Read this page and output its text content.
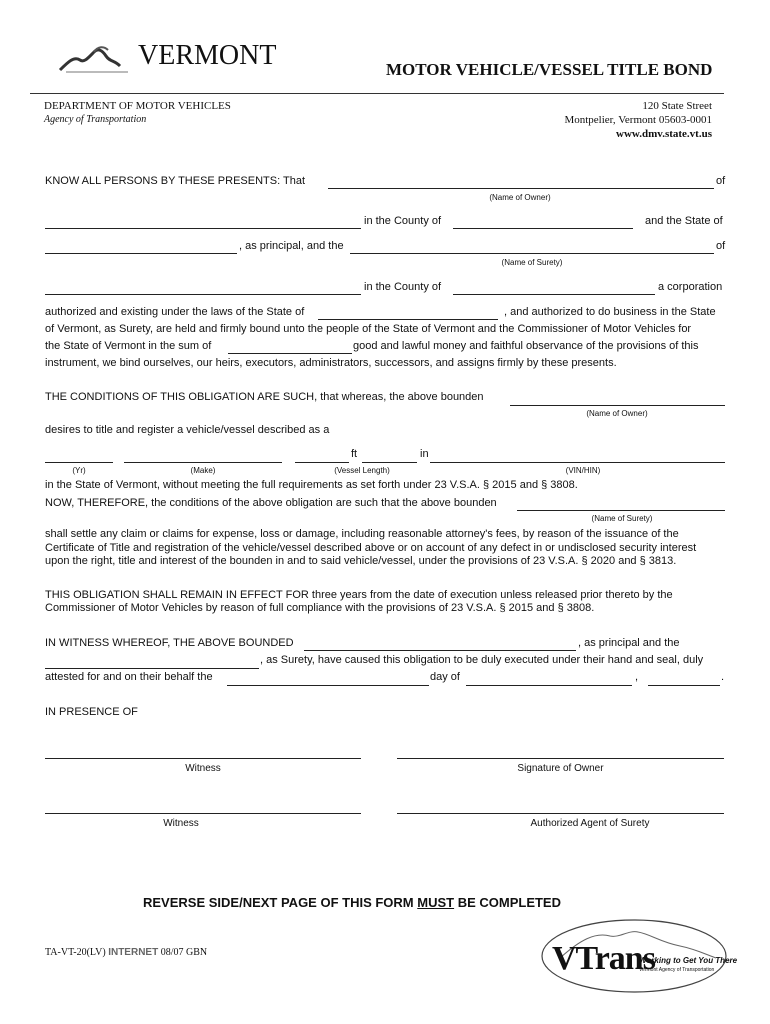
VERMONT	MOTOR VEHICLE/VESSEL TITLE BOND
DEPARTMENT OF MOTOR VEHICLES
Agency of Transportation
120 State Street
Montpelier, Vermont 05603-0001
www.dmv.state.vt.us
KNOW ALL PERSONS BY THESE PRESENTS: That	of
(Name of Owner)
in the County of	and the State of
, as principal, and the	of
(Name of Surety)
in the County of	a corporation
authorized and existing under the laws of the State of	, and authorized to do business in the State
of Vermont, as Surety, are held and firmly bound unto the people of the State of Vermont and the Commissioner of Motor Vehicles for
the State of Vermont in the sum of	good and lawful money and faithful observance of the provisions of this
instrument, we bind ourselves, our heirs, executors, administrators, successors, and assigns firmly by these presents.
THE CONDITIONS OF THIS OBLIGATION ARE SUCH, that whereas, the above bounden
(Name of Owner)
desires to title and register a vehicle/vessel described as a
ft	in
(Yr)	(Make)	(Vessel Length)	(VIN/HIN)
in the State of Vermont, without meeting the full requirements as set forth under 23 V.S.A. § 2015 and § 3808.
NOW, THEREFORE, the conditions of the above obligation are such that the above bounden
(Name of Surety)
shall settle any claim or claims for expense, loss or damage, including reasonable attorney's fees, by reason of the issuance of the
Certificate of Title and registration of the vehicle/vessel described above or on account of any defect in or undisclosed security interest
upon the right, title and interest of the bounden in and to said vehicle/vessel, under the provisions of 23 V.S.A. § 2020 and § 3813.
THIS OBLIGATION SHALL REMAIN IN EFFECT FOR three years from the date of execution unless released prior thereto by the
Commissioner of Motor Vehicles by reason of full compliance with the provisions of 23 V.S.A. § 2015 and § 3808.
IN WITNESS WHEREOF, THE ABOVE BOUNDED	, as principal and the
, as Surety, have caused this obligation to be duly executed under their hand and seal, duly
attested for and on their behalf the	day of	,	.
IN PRESENCE OF
Witness	Signature of Owner
Witness	Authorized Agent of Surety
REVERSE SIDE/NEXT PAGE OF THIS FORM MUST BE COMPLETED
TA-VT-20(LV) INTERNET 08/07 GBN	VTrans
Working to Get You There
Vermont Agency of Transportation
